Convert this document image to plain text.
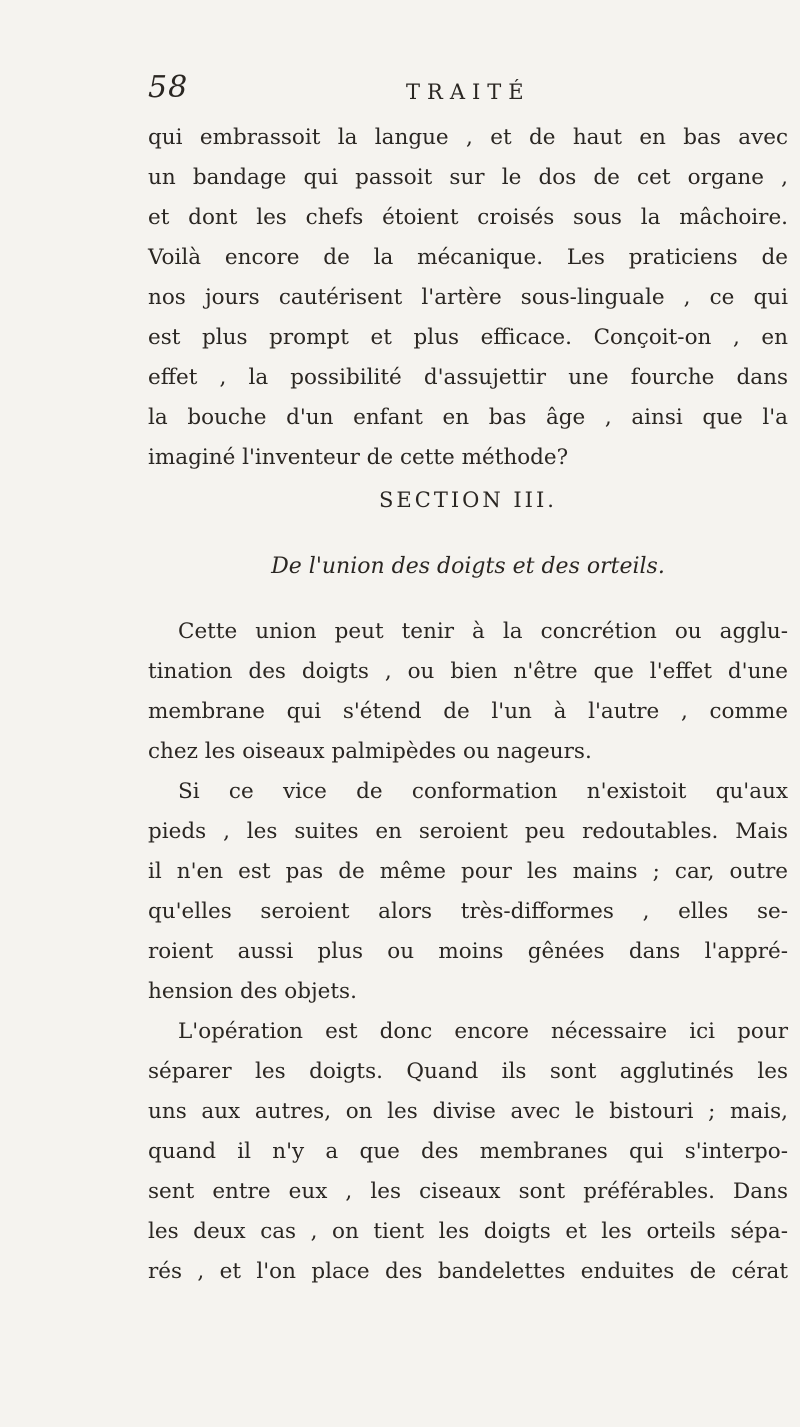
58	TRAITÉ
qui embrassoit la langue , et de haut en bas avec
un bandage qui passoit sur le dos de cet organe ,
et dont les chefs étoient croisés sous la mâchoire.
Voilà encore de la mécanique. Les praticiens de
nos jours cautérisent l'artère sous-linguale , ce qui
est plus prompt et plus efficace. Conçoit-on , en
effet , la possibilité d'assujettir une fourche dans
la bouche d'un enfant en bas âge , ainsi que l'a
imaginé l'inventeur de cette méthode?
SECTION III.
De l'union des doigts et des orteils.
Cette union peut tenir à la concrétion ou agglu-
tination des doigts , ou bien n'être que l'effet d'une
membrane qui s'étend de l'un à l'autre , comme
chez les oiseaux palmipèdes ou nageurs.
Si ce vice de conformation n'existoit qu'aux
pieds , les suites en seroient peu redoutables. Mais
il n'en est pas de même pour les mains ; car, outre
qu'elles seroient alors très-difformes , elles se-
roient aussi plus ou moins gênées dans l'appré-
hension des objets.
L'opération est donc encore nécessaire ici pour
séparer les doigts. Quand ils sont agglutinés les
uns aux autres, on les divise avec le bistouri ; mais,
quand il n'y a que des membranes qui s'interpo-
sent entre eux , les ciseaux sont préférables. Dans
les deux cas , on tient les doigts et les orteils sépa-
rés , et l'on place des bandelettes enduites de cérat
